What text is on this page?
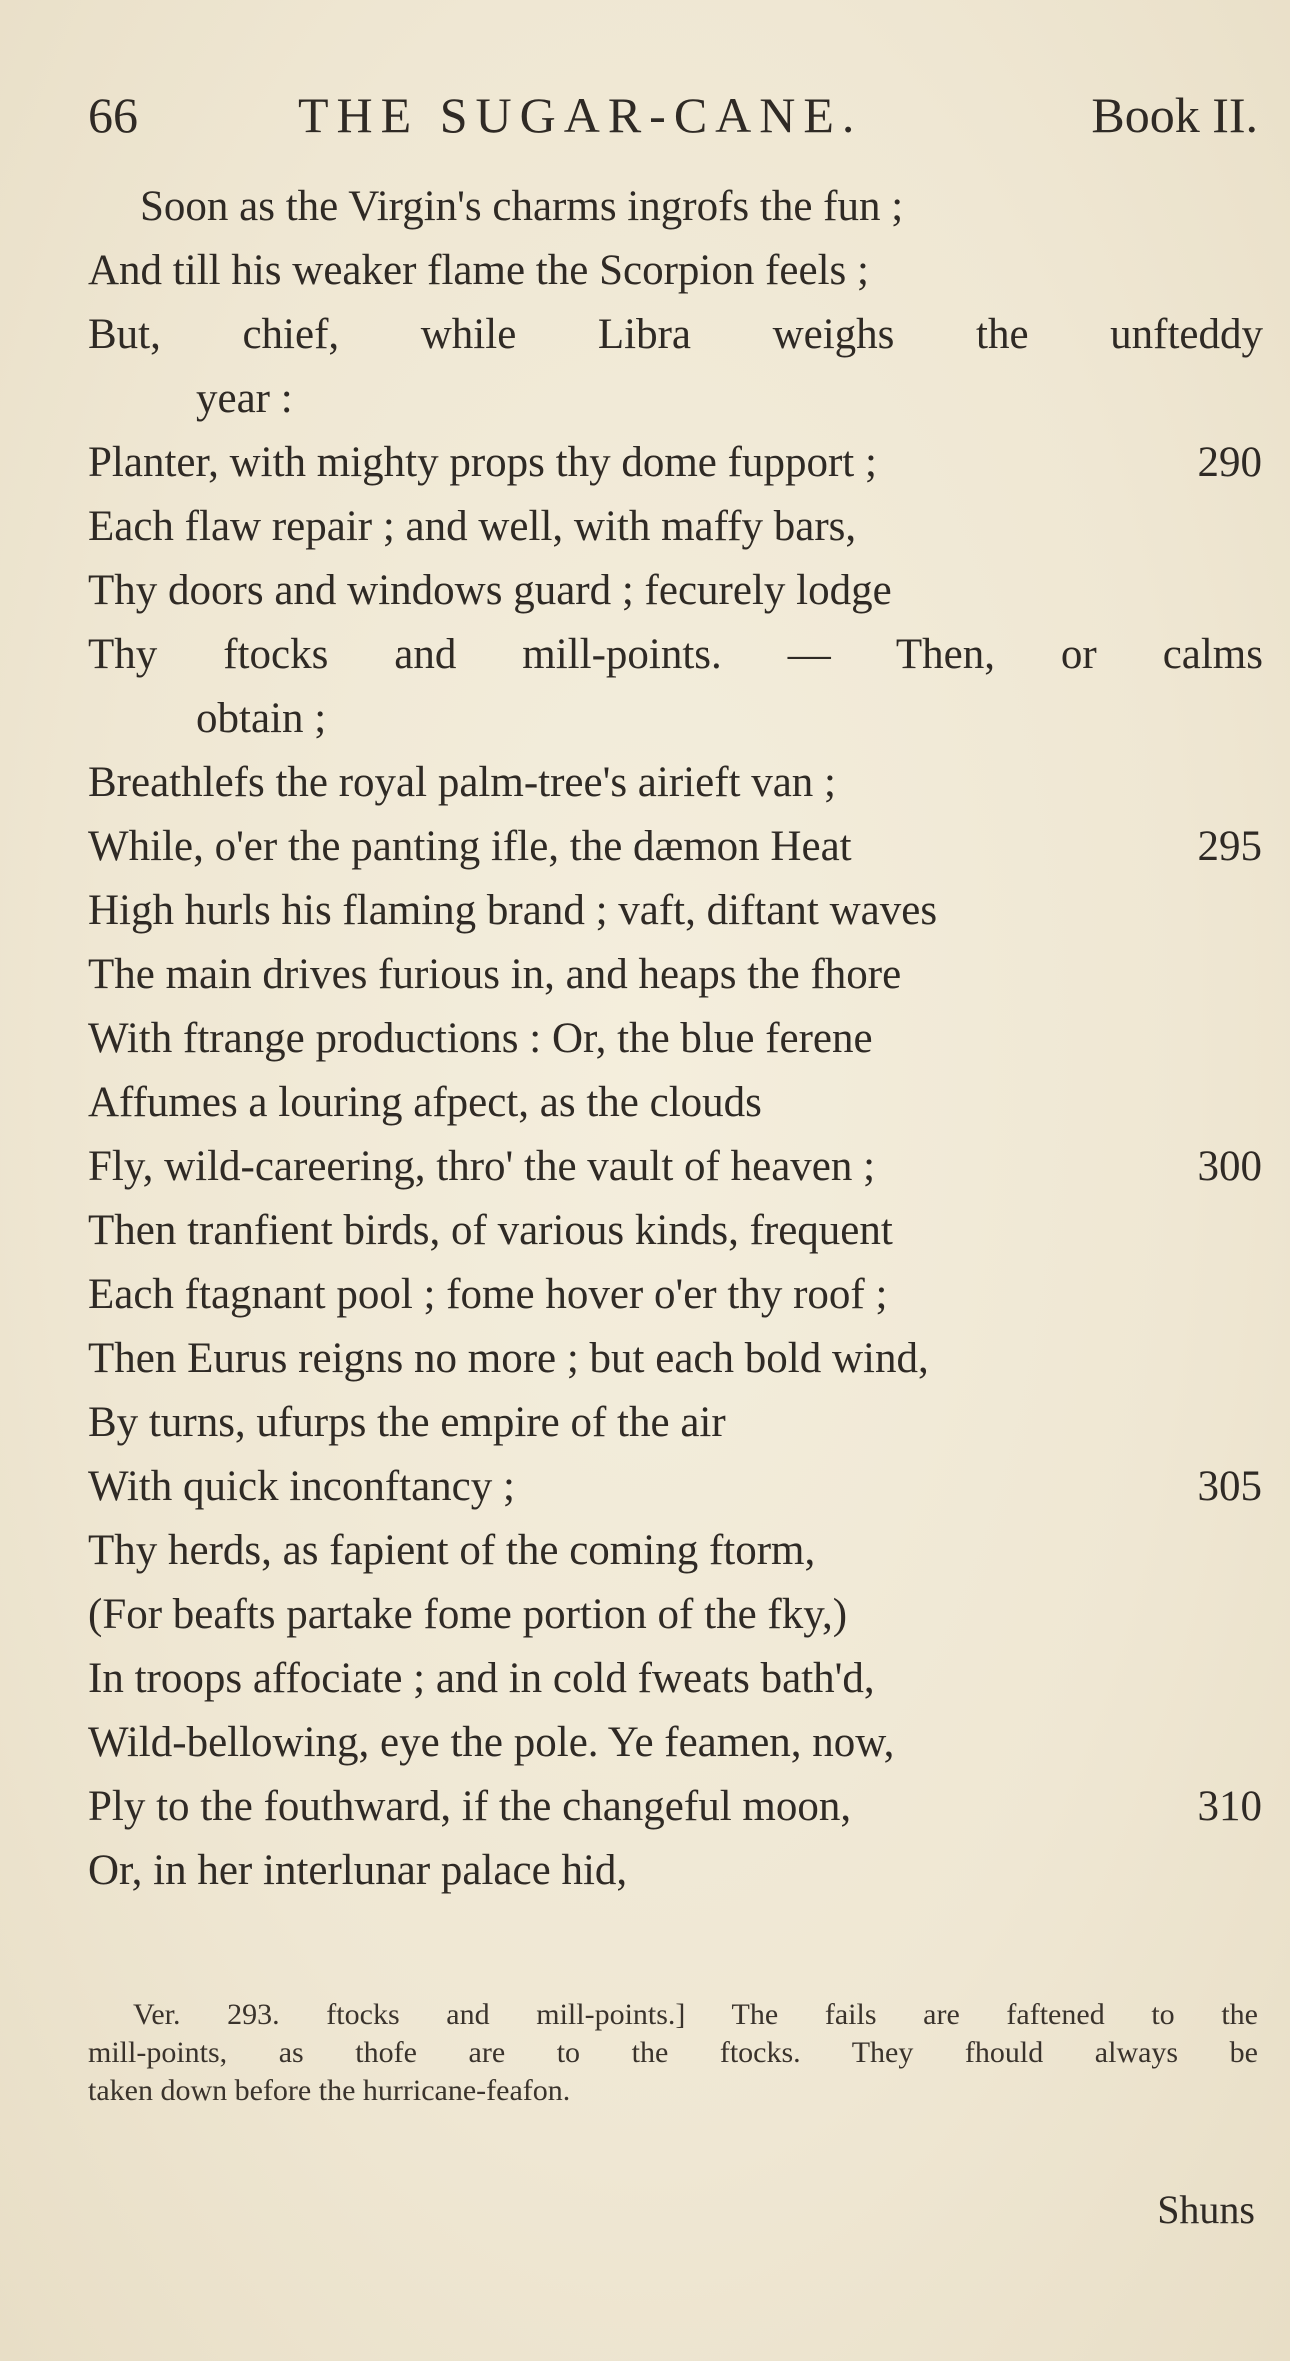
66	THE SUGAR-CANE.	Book II.
Soon as the Virgin's charms ingrofs the fun ;
And till his weaker flame the Scorpion feels ;
But, chief, while Libra weighs the unfteddy
year :
Planter, with mighty props thy dome fupport ;	290
Each flaw repair ; and well, with maffy bars,
Thy doors and windows guard ; fecurely lodge
Thy ftocks and mill-points. — Then, or calms
obtain ;
Breathlefs the royal palm-tree's airieft van ;
While, o'er the panting ifle, the dæmon Heat	295
High hurls his flaming brand ; vaft, diftant waves
The main drives furious in, and heaps the fhore
With ftrange productions : Or, the blue ferene
Affumes a louring afpect, as the clouds
Fly, wild-careering, thro' the vault of heaven ;	300
Then tranfient birds, of various kinds, frequent
Each ftagnant pool ; fome hover o'er thy roof ;
Then Eurus reigns no more ; but each bold wind,
By turns, ufurps the empire of the air
With quick inconftancy ;	305
Thy herds, as fapient of the coming ftorm,
(For beafts partake fome portion of the fky,)
In troops affociate ; and in cold fweats bath'd,
Wild-bellowing, eye the pole. Ye feamen, now,
Ply to the fouthward, if the changeful moon,	310
Or, in her interlunar palace hid,
Ver. 293. ftocks and mill-points.] The fails are faftened to the
mill-points, as thofe are to the ftocks. They fhould always be
taken down before the hurricane-feafon.
Shuns
